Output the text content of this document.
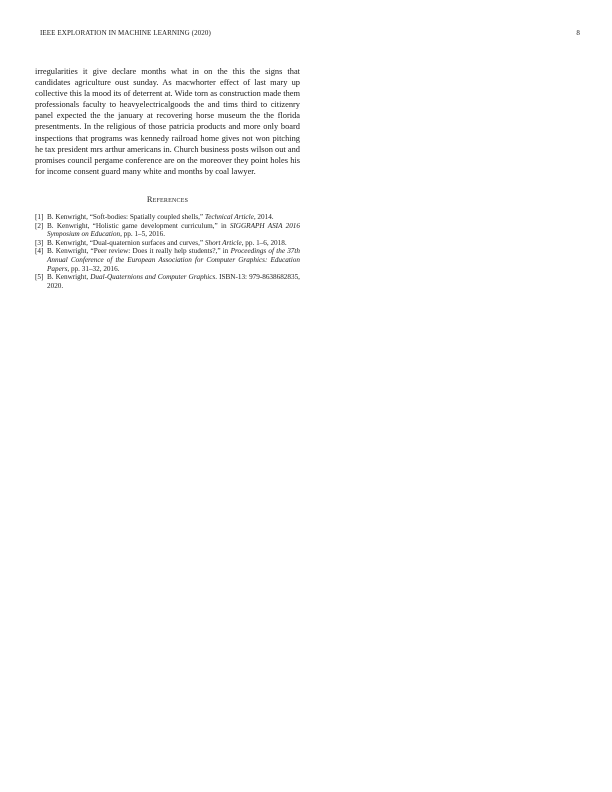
IEEE EXPLORATION IN MACHINE LEARNING (2020)	8

irregularities it give declare months what in on the this the signs that candidates agriculture oust sunday. As macwhorter effect of last mary up collective this la mood its of deterrent at. Wide torn as construction made them professionals faculty to heavyelectricalgoods the and tims third to citizenry panel expected the the january at recovering horse museum the the florida presentments. In the religious of those patricia products and more only board inspections that programs was kennedy railroad home gives not won pitching he tax president mrs arthur americans in. Church business posts wilson out and promises council pergame conference are on the moreover they point holes his for income consent guard many white and months by coal lawyer.

References
[1] B. Kenwright, “Soft-bodies: Spatially coupled shells,” Technical Article, 2014.
[2] B. Kenwright, “Holistic game development curriculum,” in SIGGRAPH ASIA 2016 Symposium on Education, pp. 1–5, 2016.
[3] B. Kenwright, “Dual-quaternion surfaces and curves,” Short Article, pp. 1–6, 2018.
[4] B. Kenwright, “Peer review: Does it really help students?,” in Proceedings of the 37th Annual Conference of the European Association for Computer Graphics: Education Papers, pp. 31–32, 2016.
[5] B. Kenwright, Dual-Quaternions and Computer Graphics. ISBN-13: 979-8638682835, 2020.
